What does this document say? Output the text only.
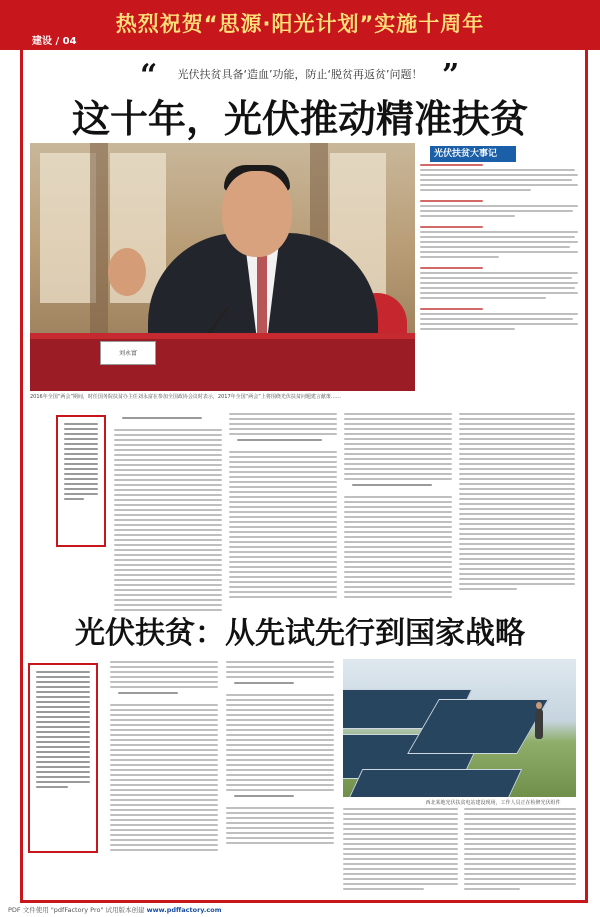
建设 / 04
热烈祝贺“思源·阳光计划”实施十周年
“	光伏扶贫具备‘造血’功能，防止‘脱贫再返贫’问题！ ”
这十年，光伏推动精准扶贫
刘永富
2016年全国“两会”期间，时任国务院扶贫办主任刘永富在参加全国政协会议时表示，2017年全国“两会”上将围绕光伏扶贫问题建言献策……
光伏扶贫大事记
光伏扶贫：从先试先行到国家战略
西北某地光伏扶贫电站建设现场，工作人员正在检修光伏组件
PDF 文件使用 "pdfFactory Pro" 试用版本创建 www.pdffactory.com
